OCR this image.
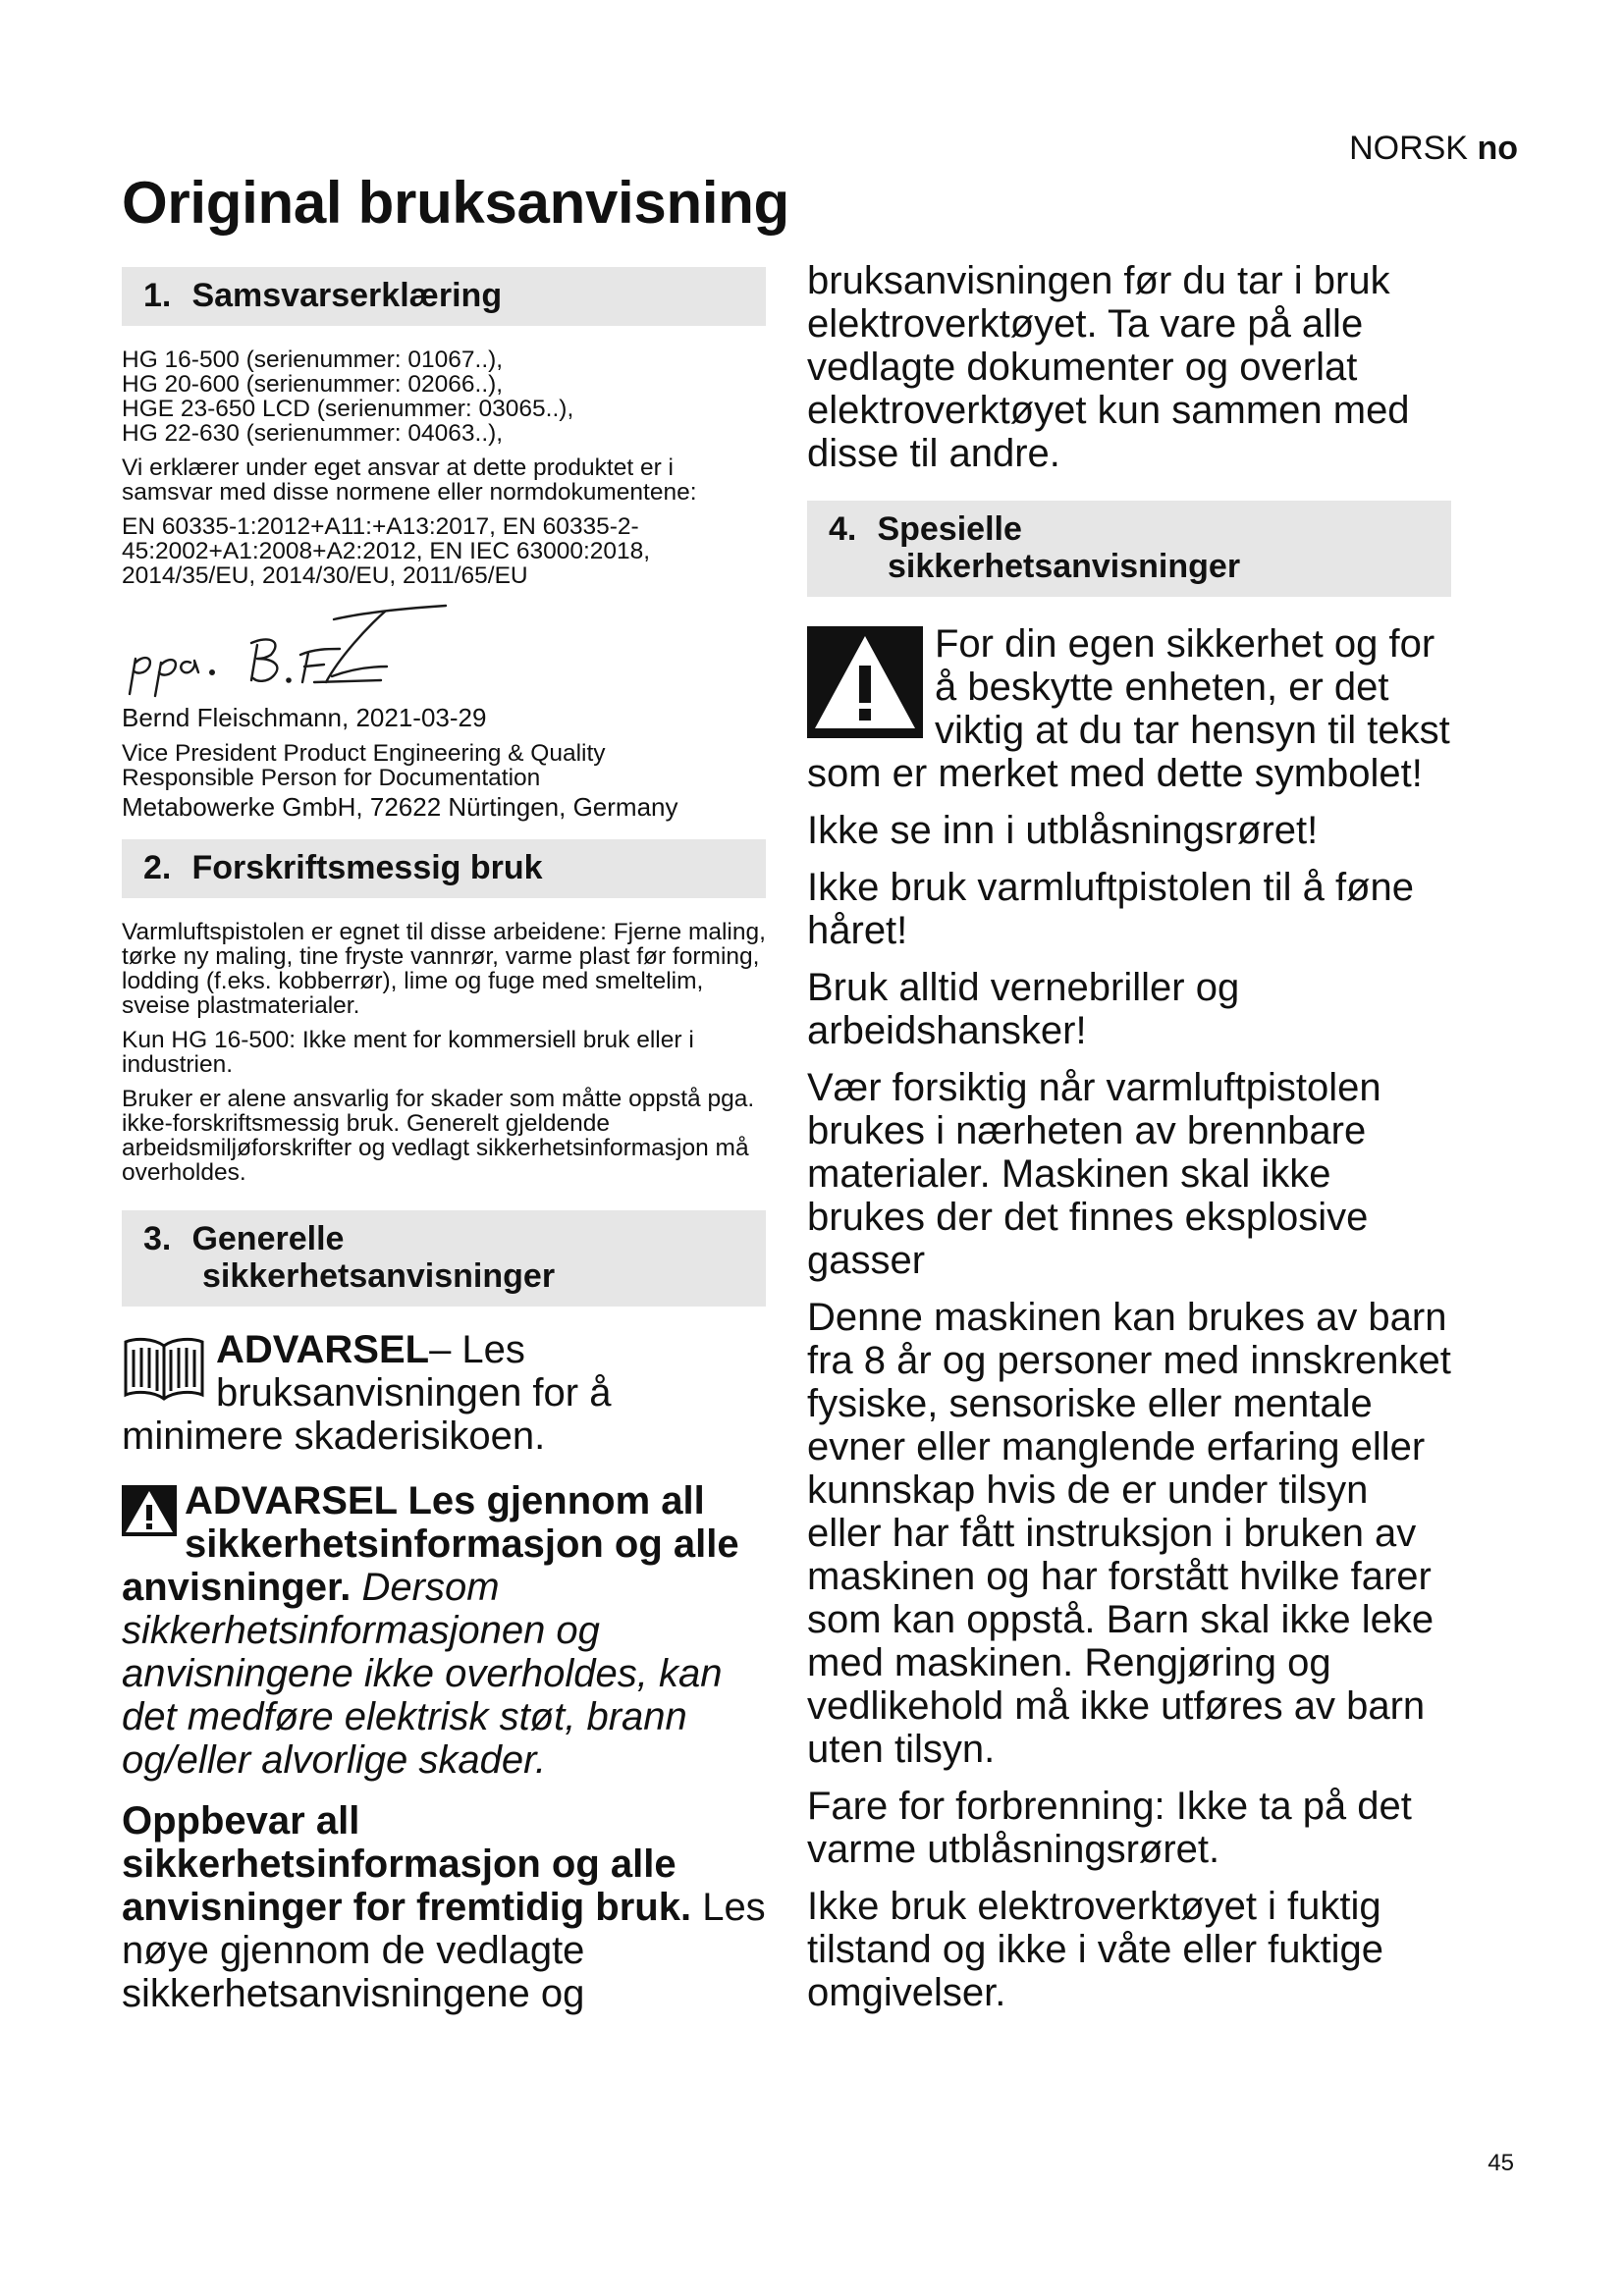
NORSK no
Original bruksanvisning
1. Samsvarserklæring

HG 16-500 (serienummer: 01067..),

HG 20-600 (serienummer: 02066..),

HGE 23-650 LCD (serienummer: 03065..),

HG 22-630 (serienummer: 04063..),

Vi erklærer under eget ansvar at dette produktet er i samsvar med disse normene eller normdokumentene:

EN 60335-1:2012+A11:+A13:2017, EN 60335-2-45:2002+A1:2008+A2:2012, EN IEC 63000:2018, 2014/35/EU, 2014/30/EU, 2011/65/EU

Bernd Fleischmann, 2021-03-29

Vice President Product Engineering & Quality

Responsible Person for Documentation

Metabowerke GmbH, 72622 Nürtingen, Germany

2. Forskriftsmessig bruk

Varmluftspistolen er egnet til disse arbeidene: Fjerne maling, tørke ny maling, tine fryste vannrør, varme plast før forming, lodding (f.eks. kobberrør), lime og fuge med smeltelim, sveise plastmaterialer.

Kun HG 16-500: Ikke ment for kommersiell bruk eller i industrien.

Bruker er alene ansvarlig for skader som måtte oppstå pga. ikke-forskriftsmessig bruk. Generelt gjeldende arbeidsmiljøforskrifter og vedlagt sikkerhetsinformasjon må overholdes.

3. Generelle
sikkerhetsanvisninger

ADVARSEL– Les bruksanvisningen for å minimere skaderisikoen.

ADVARSEL Les gjennom all sikkerhetsinformasjon og alle anvisninger. Dersom sikkerhetsinformasjonen og anvisningene ikke overholdes, kan det medføre elektrisk støt, brann og/eller alvorlige skader.

Oppbevar all sikkerhetsinformasjon og alle anvisninger for fremtidig bruk. Les nøye gjennom de vedlagte sikkerhetsanvisningene og

bruksanvisningen før du tar i bruk elektroverktøyet. Ta vare på alle vedlagte dokumenter og overlat elektroverktøyet kun sammen med disse til andre.

4. Spesielle
sikkerhetsanvisninger

For din egen sikkerhet og for å beskytte enheten, er det viktig at du tar hensyn til tekst som er merket med dette symbolet!

Ikke se inn i utblåsningsrøret!

Ikke bruk varmluftpistolen til å føne håret!

Bruk alltid vernebriller og arbeidshansker!

Vær forsiktig når varmluftpistolen brukes i nærheten av brennbare materialer. Maskinen skal ikke brukes der det finnes eksplosive gasser

Denne maskinen kan brukes av barn fra 8 år og personer med innskrenket fysiske, sensoriske eller mentale evner eller manglende erfaring eller kunnskap hvis de er under tilsyn eller har fått instruksjon i bruken av maskinen og har forstått hvilke farer som kan oppstå. Barn skal ikke leke med maskinen. Rengjøring og vedlikehold må ikke utføres av barn uten tilsyn.

Fare for forbrenning: Ikke ta på det varme utblåsningsrøret.

Ikke bruk elektroverktøyet i fuktig tilstand og ikke i våte eller fuktige omgivelser.

45
